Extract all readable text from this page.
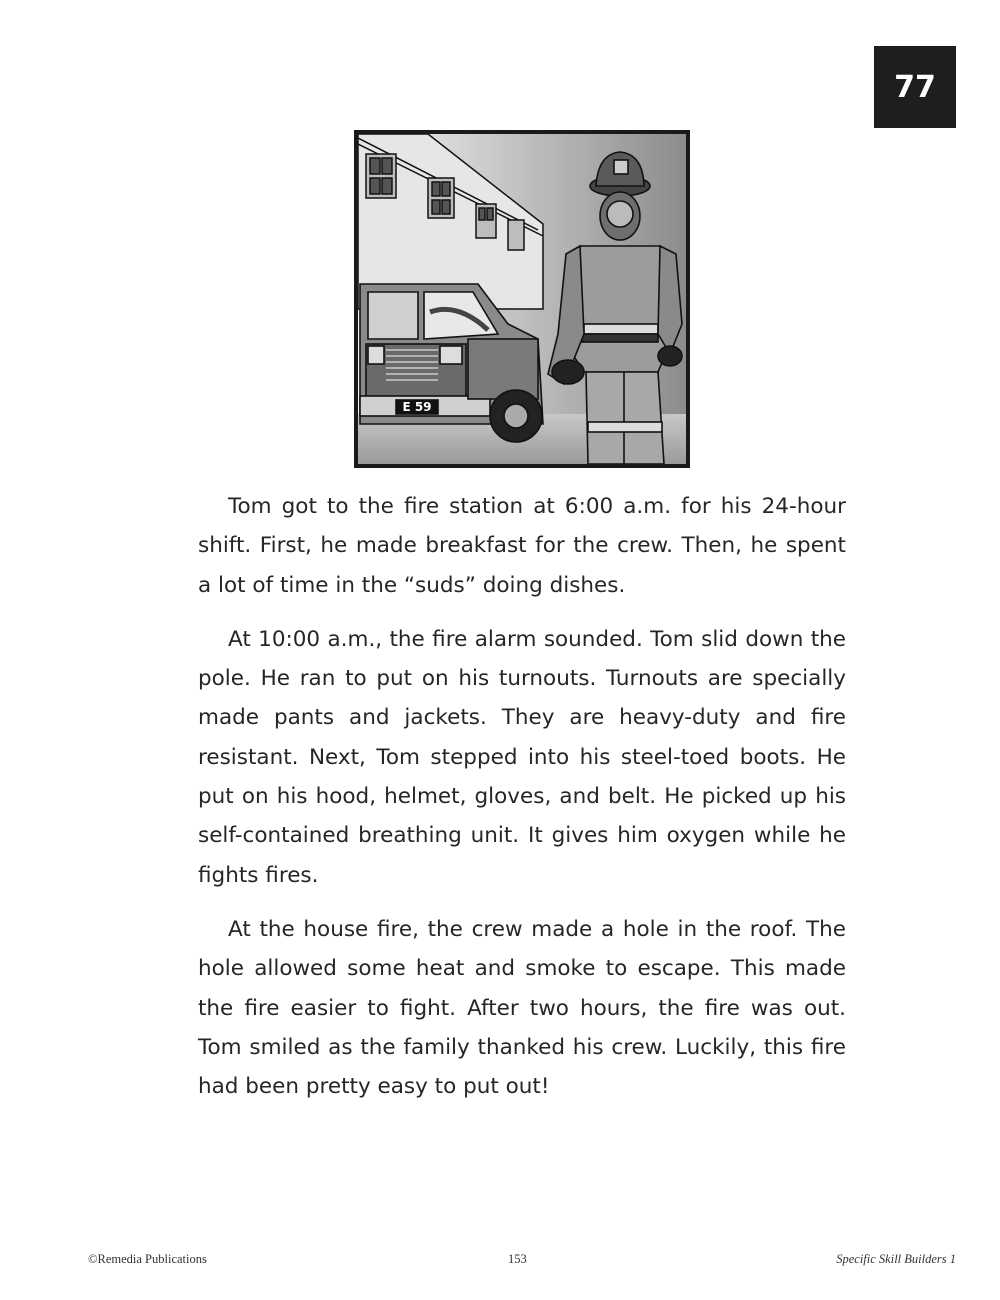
77
E 59

Tom got to the fire station at 6:00 a.m. for his 24-hour shift. First, he made breakfast for the crew. Then, he spent a lot of time in the “suds” doing dishes.

At 10:00 a.m., the fire alarm sounded. Tom slid down the pole. He ran to put on his turnouts. Turnouts are specially made pants and jackets. They are heavy-duty and fire resistant. Next, Tom stepped into his steel-toed boots. He put on his hood, helmet, gloves, and belt. He picked up his self-contained breathing unit. It gives him oxygen while he fights fires.

At the house fire, the crew made a hole in the roof. The hole allowed some heat and smoke to escape. This made the fire easier to fight. After two hours, the fire was out. Tom smiled as the family thanked his crew. Luckily, this fire had been pretty easy to put out!

©Remedia Publications	153	Specific Skill Builders 1
